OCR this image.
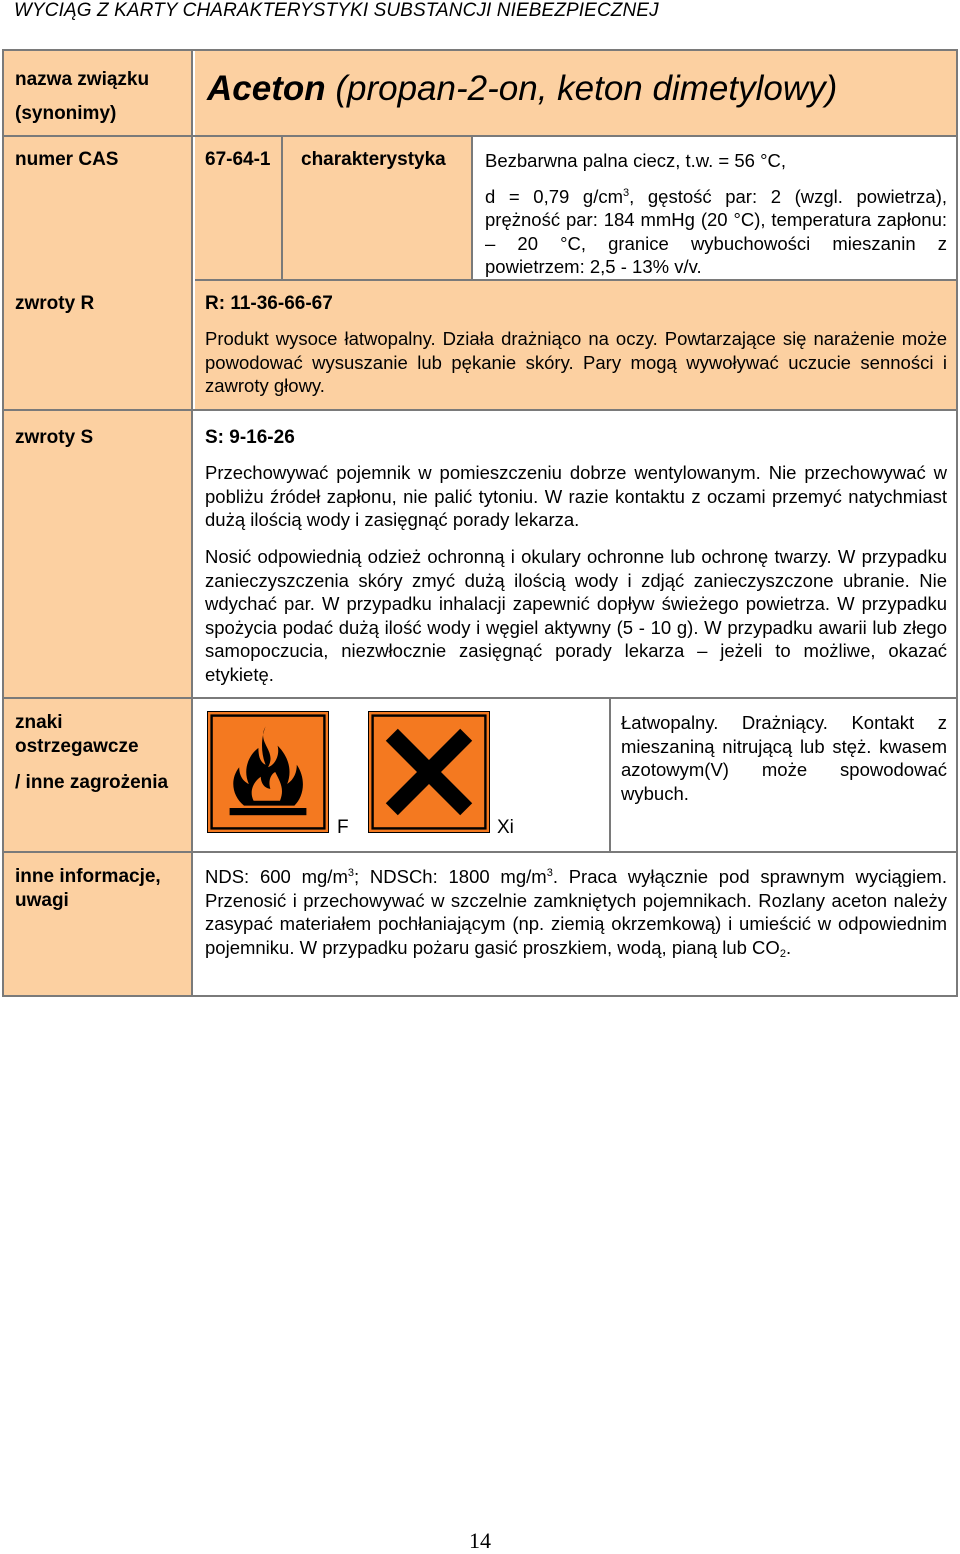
WYCIĄG Z KARTY CHARAKTERYSTYKI SUBSTANCJI NIEBEZPIECZNEJ
nazwa związku
(synonimy)
Aceton (propan-2-on, keton dimetylowy)
numer CAS
zwroty R
67-64-1 charakterystyka Bezbarwna palna ciecz, t.w. = 56 °C,
d = 0,79 $g/cm^3$, gęstość par: 2 (wzgl. powietrza), prężność par: 184 mmHg (20 °C), temperatura zapłonu: – 20 °C, granice wybuchowości mieszanin z powietrzem: 2,5 - 13% v/v.
R: 11-36-66-67
Produkt wysoce łatwopalny. Działa drażniąco na oczy. Powtarzające się narażenie może powodować wysuszanie lub pękanie skóry. Pary mogą wywoływać uczucie senności i zawroty głowy.
zwroty S	S: 9-16-26
Przechowywać pojemnik w pomieszczeniu dobrze wentylowanym. Nie przechowywać w pobliżu źródeł zapłonu, nie palić tytoniu. W razie kontaktu z oczami przemyć natychmiast dużą ilością wody i zasięgnąć porady lekarza.
Nosić odpowiednią odzież ochronną i okulary ochronne lub ochronę twarzy. W przypadku zanieczyszczenia skóry zmyć dużą ilością wody i zdjąć zanieczyszczone ubranie. Nie wdychać par. W przypadku inhalacji zapewnić dopływ świeżego powietrza. W przypadku spożycia podać dużą ilość wody i węgiel aktywny (5 - 10 g). W przypadku awarii lub złego samopoczucia, niezwłocznie zasięgnąć porady lekarza – jeżeli to możliwe, okazać etykietę.
znaki
ostrzegawcze
/ inne zagrożenia
F	Xi
Łatwopalny. Drażniący. Kontakt z mieszaniną nitrującą lub stęż. kwasem azotowym(V) może spowodować wybuch.
inne informacje,
uwagi
NDS: 600 $mg/m^3$; NDSCh: 1800 $mg/m^3$. Praca wyłącznie pod sprawnym wyciągiem. Przenosić i przechowywać w szczelnie zamkniętych pojemnikach. Rozlany aceton należy zasypać materiałem pochłaniającym (np. ziemią okrzemkową) i umieścić w odpowiednim pojemniku. W przypadku pożaru gasić proszkiem, wodą, pianą lub $CO_2$.
14
